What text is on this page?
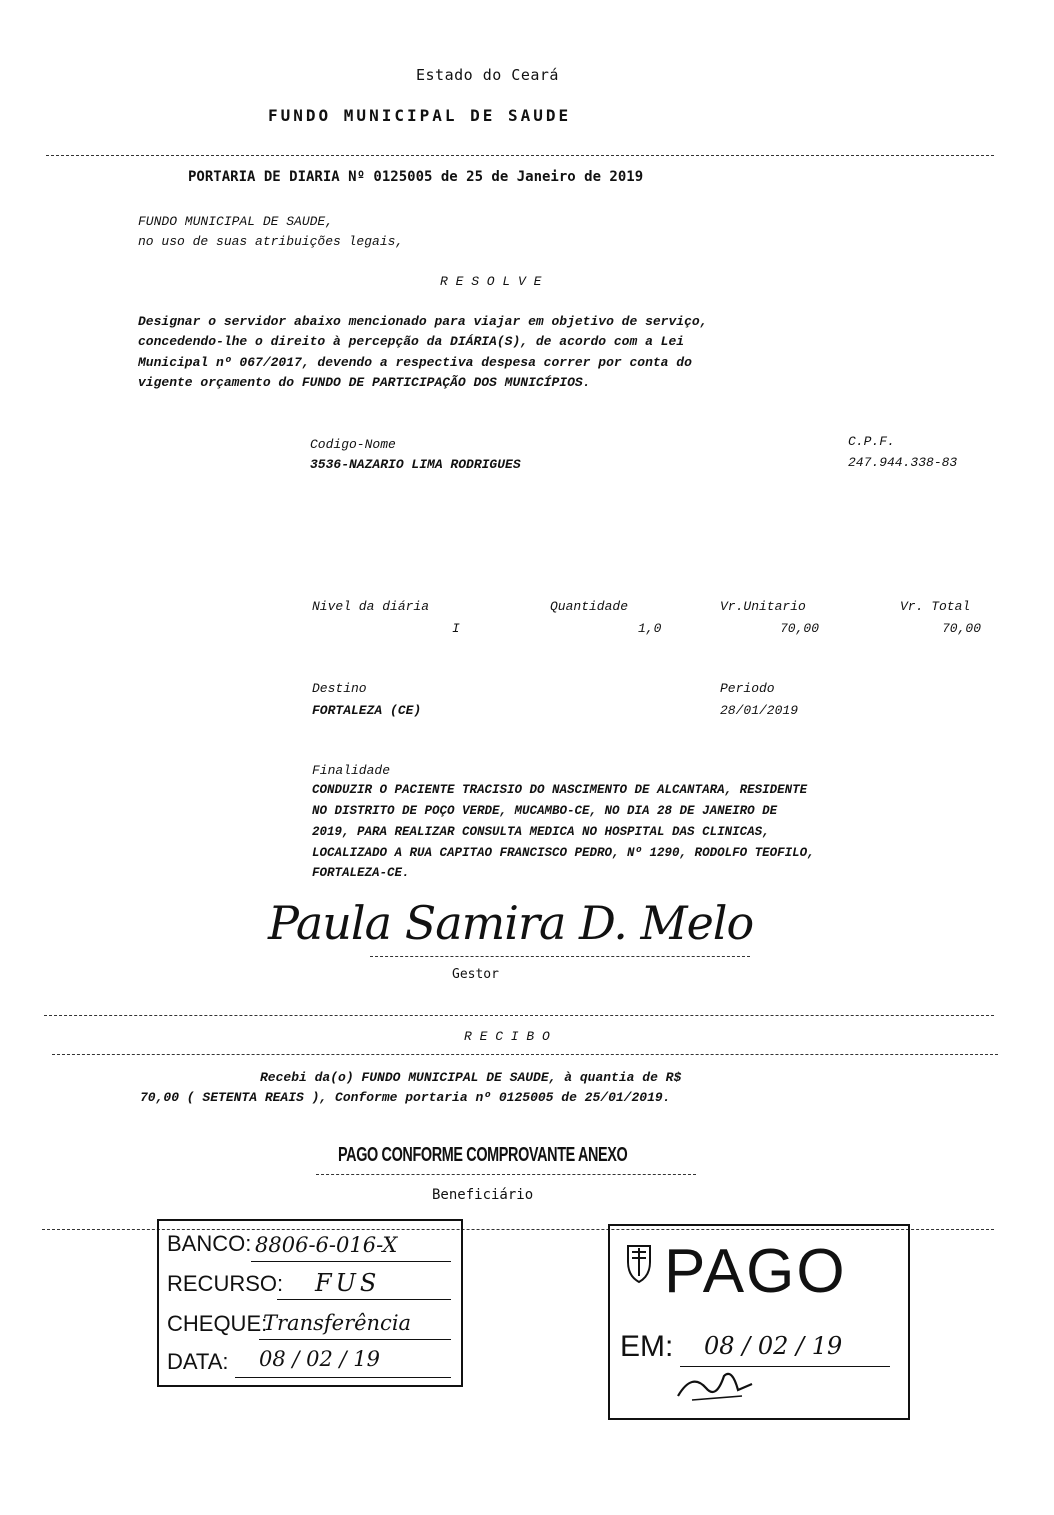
Estado do Ceará
FUNDO MUNICIPAL DE SAUDE
PORTARIA DE DIARIA Nº 0125005 de 25 de Janeiro de 2019
FUNDO MUNICIPAL DE SAUDE,
no uso de suas atribuições legais,
R E S O L V E
Designar o servidor abaixo mencionado para viajar em objetivo de serviço,
concedendo-lhe o direito à percepção da DIÁRIA(S), de acordo com a Lei
Municipal nº 067/2017, devendo a respectiva despesa correr por conta do
vigente orçamento do FUNDO DE PARTICIPAÇÃO DOS MUNICÍPIOS.
Codigo-Nome
3536-NAZARIO LIMA RODRIGUES
C.P.F.
247.944.338-83
Nivel da diária
I
Quantidade
1,0
Vr.Unitario
70,00
Vr. Total
70,00
Destino
FORTALEZA (CE)
Periodo
28/01/2019
Finalidade
CONDUZIR O PACIENTE TRACISIO DO NASCIMENTO DE ALCANTARA, RESIDENTE
NO DISTRITO DE POÇO VERDE, MUCAMBO-CE, NO DIA 28 DE JANEIRO DE
2019, PARA REALIZAR CONSULTA MEDICA NO HOSPITAL DAS CLINICAS,
LOCALIZADO A RUA CAPITAO FRANCISCO PEDRO, Nº 1290, RODOLFO TEOFILO,
FORTALEZA-CE.
Paula Samira D. Melo
Gestor
R E C I B O
Recebi da(o) FUNDO MUNICIPAL DE SAUDE, à quantia de R$
70,00 ( SETENTA REAIS ), Conforme portaria nº 0125005 de 25/01/2019.
PAGO CONFORME COMPROVANTE ANEXO
Beneficiário
BANCO: 8806-6-016-X
RECURSO: FUS
CHEQUE:
Transferência
DATA: 08 / 02 / 19
PAGO
EM: 08 / 02 / 19
